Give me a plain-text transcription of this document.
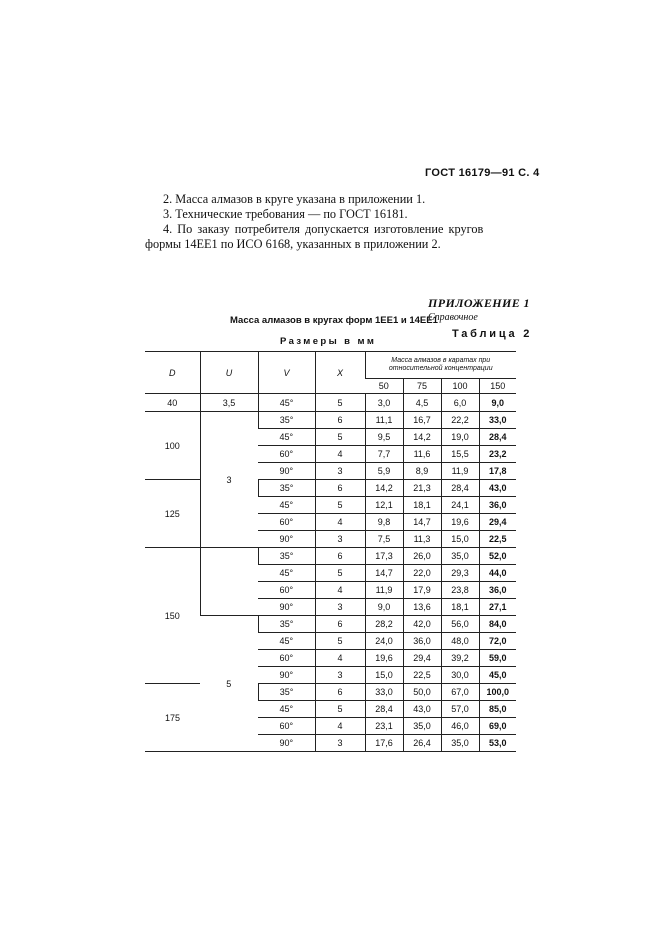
ГОСТ 16179—91 С. 4
2. Масса алмазов в круге указана в приложении 1.
3. Технические требования — по ГОСТ 16181.
4. По заказу потребителя допускается изготовление кругов
формы 14EE1 по ИСО 6168, указанных в приложении 2.
ПРИЛОЖЕНИЕ 1
Справочное
Масса алмазов в кругах форм 1EE1 и 14EE1
Таблица 2
Размеры в мм
D	U	V	X	Масса алмазов в каратах при относительной концентрации			
				50	75	100	150
40	3,5	45°	5	3,0	4,5	6,0	9,0
100	3	35°	6	11,1	16,7	22,2	33,0
		45°	5	9,5	14,2	19,0	28,4
		60°	4	7,7	11,6	15,5	23,2
		90°	3	5,9	8,9	11,9	17,8
125		35°	6	14,2	21,3	28,4	43,0
		45°	5	12,1	18,1	24,1	36,0
		60°	4	9,8	14,7	19,6	29,4
		90°	3	7,5	11,3	15,0	22,5
150		35°	6	17,3	26,0	35,0	52,0
		45°	5	14,7	22,0	29,3	44,0
		60°	4	11,9	17,9	23,8	36,0
		90°	3	9,0	13,6	18,1	27,1
	5	35°	6	28,2	42,0	56,0	84,0
		45°	5	24,0	36,0	48,0	72,0
		60°	4	19,6	29,4	39,2	59,0
		90°	3	15,0	22,5	30,0	45,0
175		35°	6	33,0	50,0	67,0	100,0
		45°	5	28,4	43,0	57,0	85,0
		60°	4	23,1	35,0	46,0	69,0
		90°	3	17,6	26,4	35,0	53,0
